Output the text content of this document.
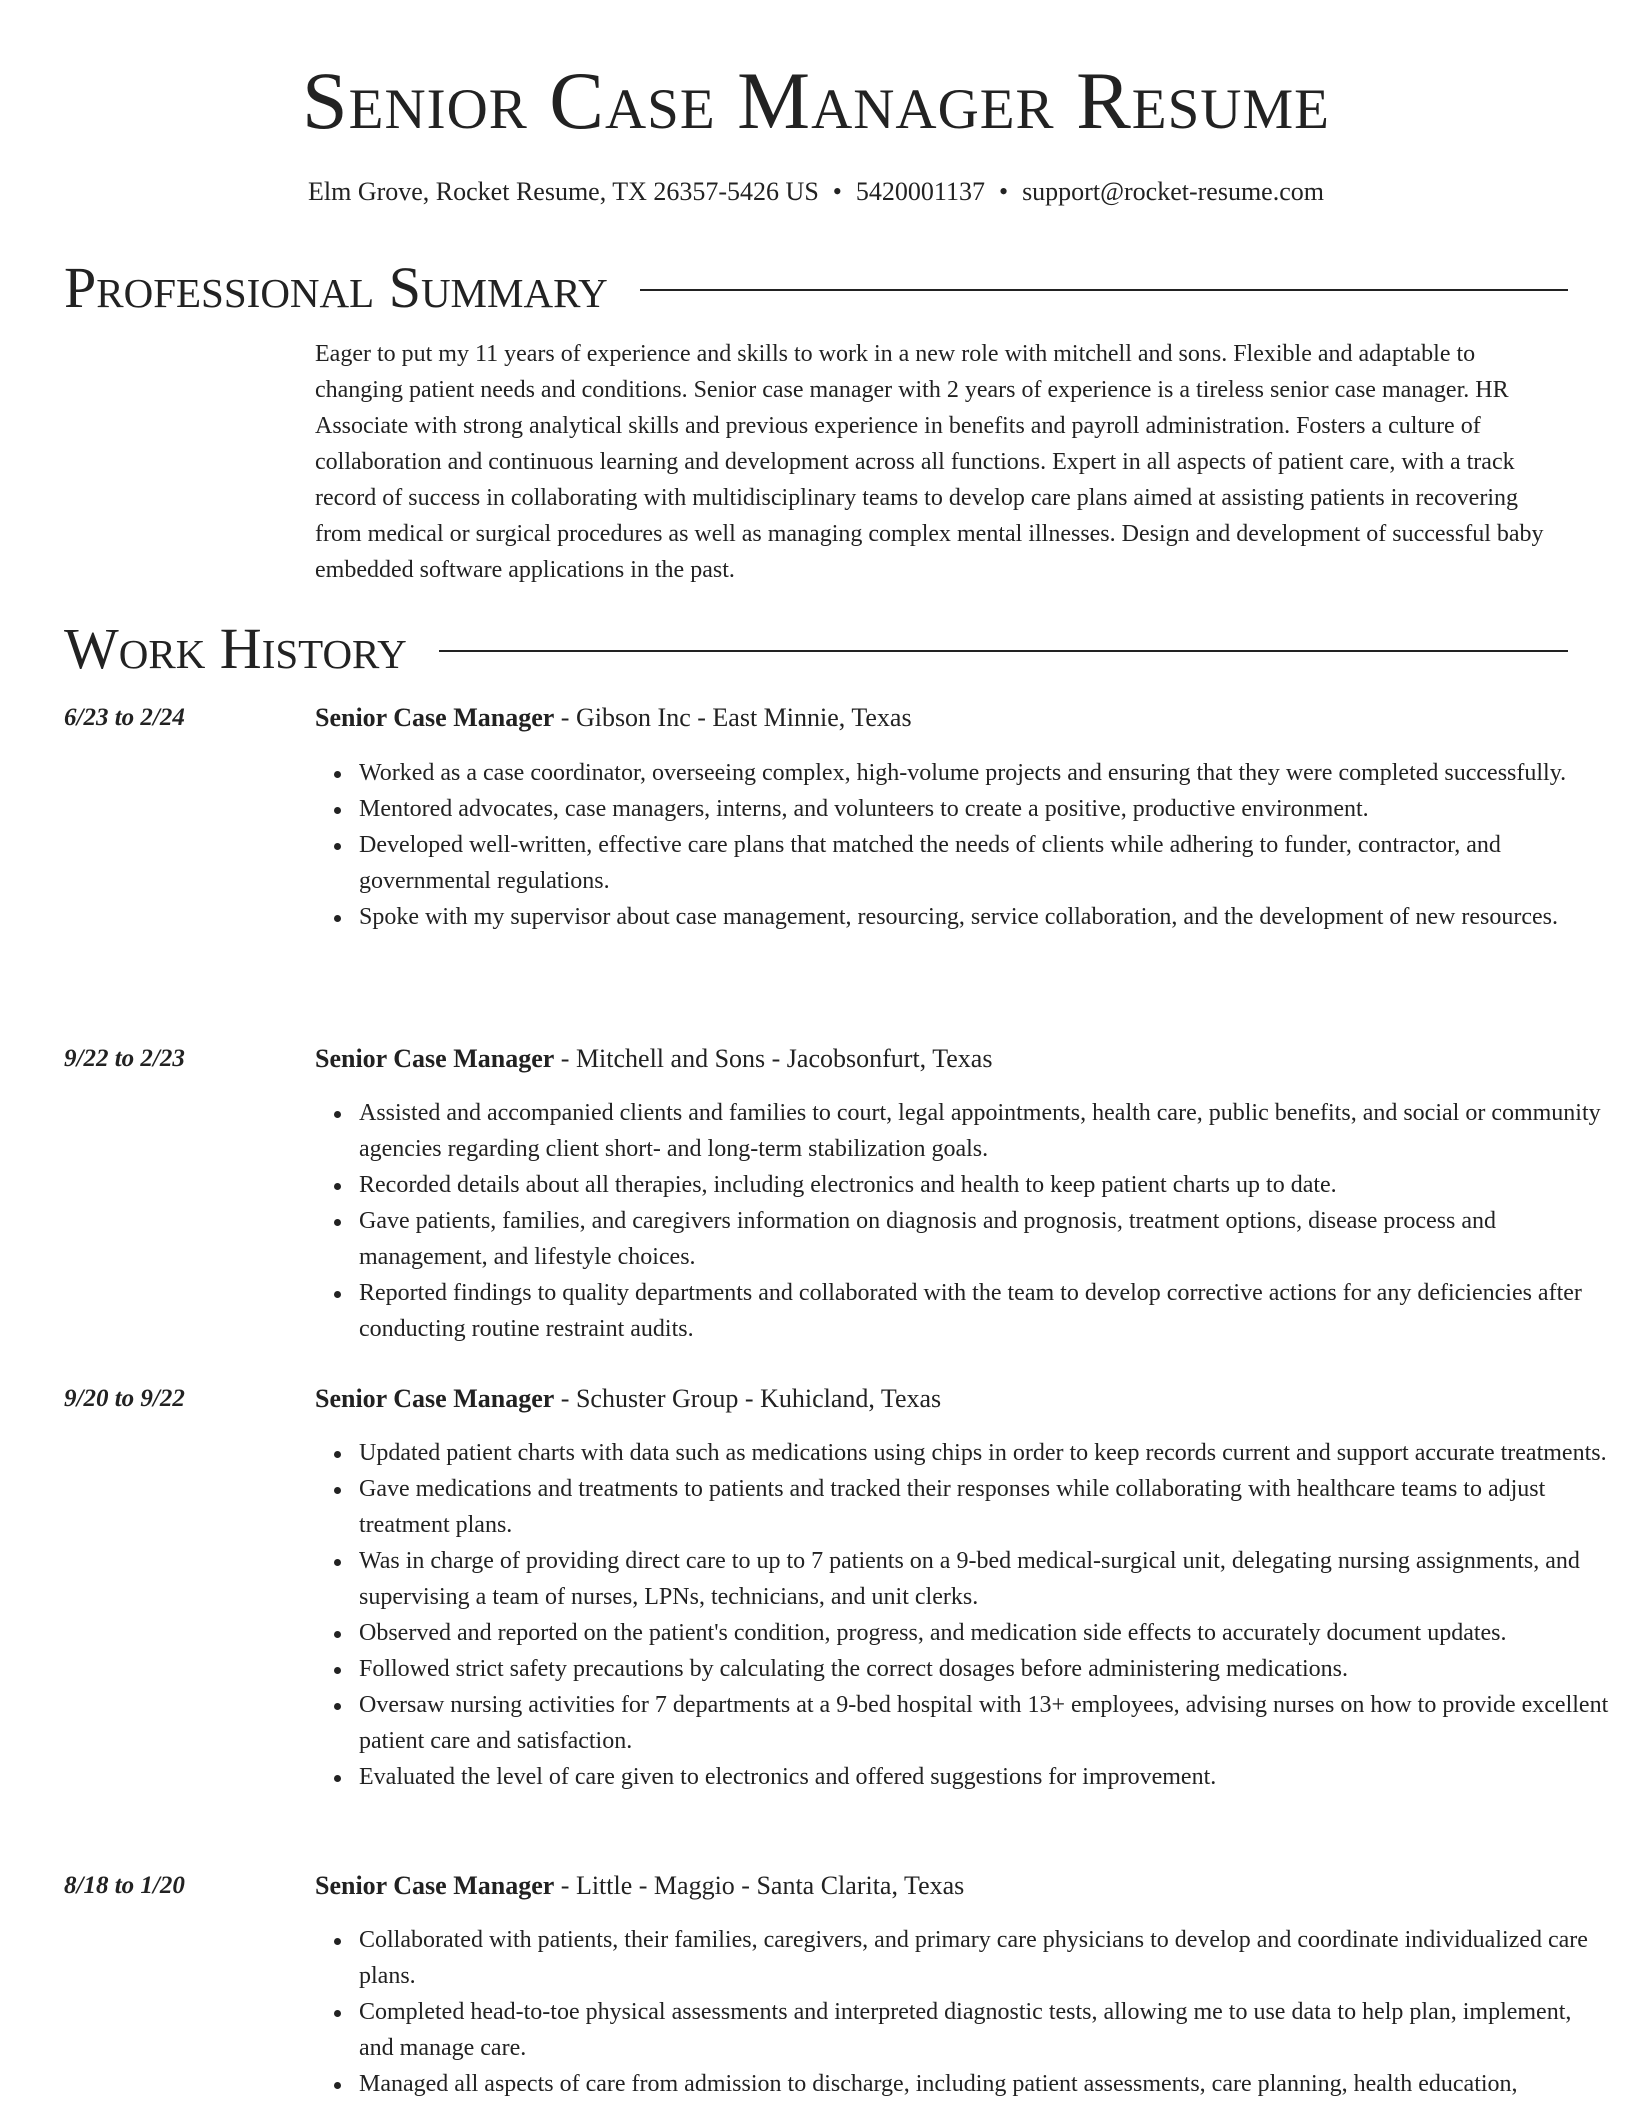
Senior Case Manager Resume
Elm Grove, Rocket Resume, TX 26357-5426 US • 5420001137 • support@rocket-resume.com
Professional Summary

Eager to put my 11 years of experience and skills to work in a new role with mitchell and sons. Flexible and adaptable to changing patient needs and conditions. Senior case manager with 2 years of experience is a tireless senior case manager. HR Associate with strong analytical skills and previous experience in benefits and payroll administration. Fosters a culture of collaboration and continuous learning and development across all functions. Expert in all aspects of patient care, with a track record of success in collaborating with multidisciplinary teams to develop care plans aimed at assisting patients in recovering from medical or surgical procedures as well as managing complex mental illnesses. Design and development of successful baby embedded software applications in the past.

Work History
6/23 to 2/24	Senior Case Manager - Gibson Inc - East Minnie, Texas
Worked as a case coordinator, overseeing complex, high-volume projects and ensuring that they were completed successfully.
Mentored advocates, case managers, interns, and volunteers to create a positive, productive environment.
Developed well-written, effective care plans that matched the needs of clients while adhering to funder, contractor, and governmental regulations.
Spoke with my supervisor about case management, resourcing, service collaboration, and the development of new resources.
9/22 to 2/23	Senior Case Manager - Mitchell and Sons - Jacobsonfurt, Texas
Assisted and accompanied clients and families to court, legal appointments, health care, public benefits, and social or community agencies regarding client short- and long-term stabilization goals.
Recorded details about all therapies, including electronics and health to keep patient charts up to date.
Gave patients, families, and caregivers information on diagnosis and prognosis, treatment options, disease process and management, and lifestyle choices.
Reported findings to quality departments and collaborated with the team to develop corrective actions for any deficiencies after conducting routine restraint audits.
9/20 to 9/22	Senior Case Manager - Schuster Group - Kuhicland, Texas
Updated patient charts with data such as medications using chips in order to keep records current and support accurate treatments.
Gave medications and treatments to patients and tracked their responses while collaborating with healthcare teams to adjust treatment plans.
Was in charge of providing direct care to up to 7 patients on a 9-bed medical-surgical unit, delegating nursing assignments, and supervising a team of nurses, LPNs, technicians, and unit clerks.
Observed and reported on the patient's condition, progress, and medication side effects to accurately document updates.
Followed strict safety precautions by calculating the correct dosages before administering medications.
Oversaw nursing activities for 7 departments at a 9-bed hospital with 13+ employees, advising nurses on how to provide excellent patient care and satisfaction.
Evaluated the level of care given to electronics and offered suggestions for improvement.
8/18 to 1/20	Senior Case Manager - Little - Maggio - Santa Clarita, Texas
Collaborated with patients, their families, caregivers, and primary care physicians to develop and coordinate individualized care plans.
Completed head-to-toe physical assessments and interpreted diagnostic tests, allowing me to use data to help plan, implement, and manage care.
Managed all aspects of care from admission to discharge, including patient assessments, care planning, health education,
